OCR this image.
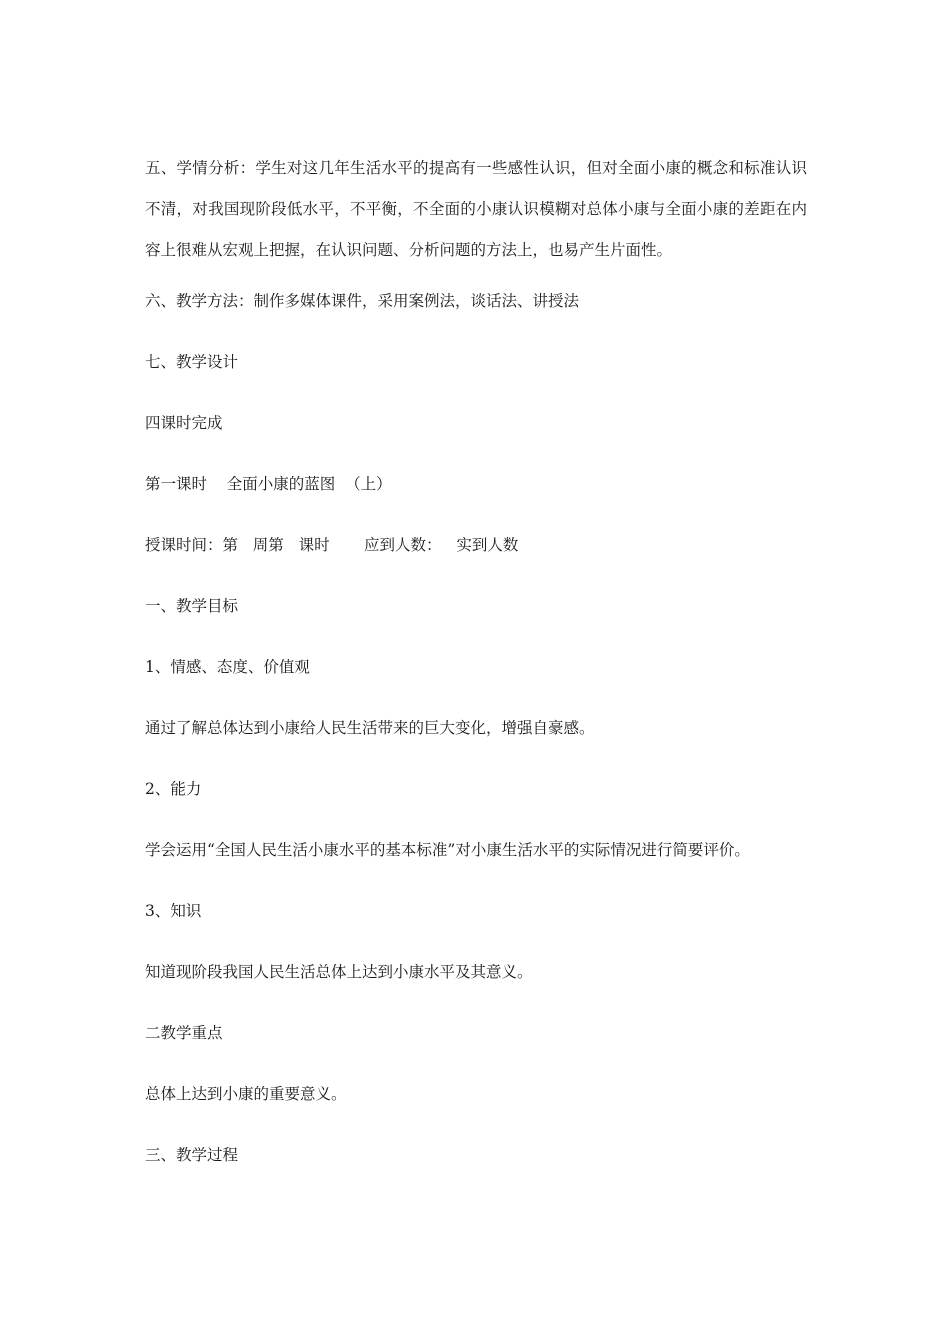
五、学情分析：学生对这几年生活水平的提高有一些感性认识，但对全面小康的概念和标准认识不清，对我国现阶段低水平，不平衡，不全面的小康认识模糊对总体小康与全面小康的差距在内容上很难从宏观上把握，在认识问题、分析问题的方法上，也易产生片面性。

六、教学方法：制作多媒体课件，采用案例法，谈话法、讲授法

七、教学设计

四课时完成

第一课时    全面小康的蓝图  （上）

授课时间：第   周第   课时       应到人数：   实到人数

一、教学目标

1、情感、态度、价值观

通过了解总体达到小康给人民生活带来的巨大变化，增强自豪感。

2、能力

学会运用“全国人民生活小康水平的基本标准”对小康生活水平的实际情况进行简要评价。

3、知识

知道现阶段我国人民生活总体上达到小康水平及其意义。

二教学重点

总体上达到小康的重要意义。

三、教学过程
